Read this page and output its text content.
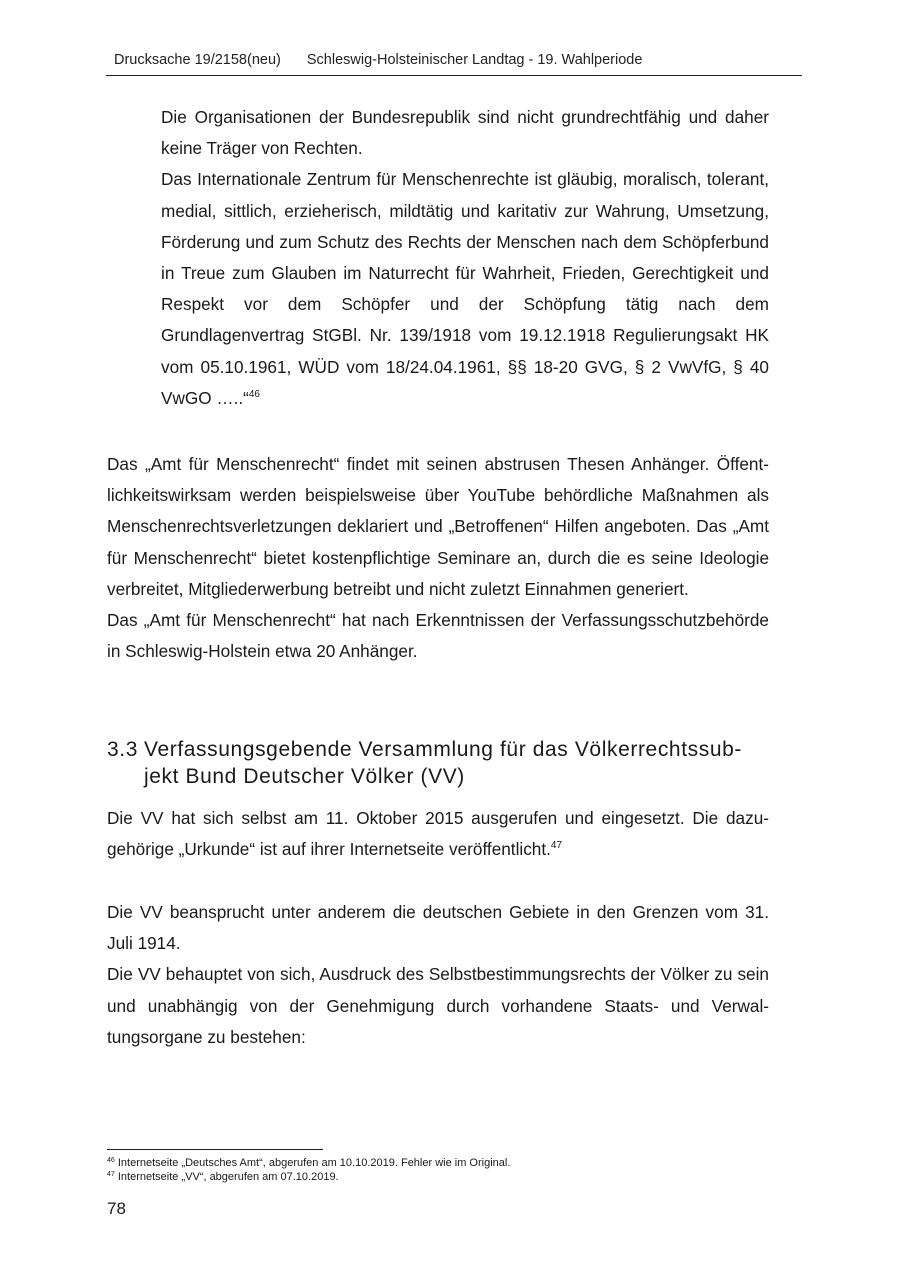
Drucksache 19/2158(neu) Schleswig-Holsteinischer Landtag - 19. Wahlperiode

Die Organisationen der Bundesrepublik sind nicht grundrechtfähig und daher keine Träger von Rechten.

Das Internationale Zentrum für Menschenrechte ist gläubig, moralisch, tolerant, medial, sittlich, erzieherisch, mildtätig und karitativ zur Wahrung, Umsetzung, Förderung und zum Schutz des Rechts der Menschen nach dem Schöpferbund in Treue zum Glauben im Naturrecht für Wahrheit, Frieden, Gerechtigkeit und Respekt vor dem Schöpfer und der Schöpfung tätig nach dem Grundlagenvertrag StGBl. Nr. 139/1918 vom 19.12.1918 Regulierungsakt HK vom 05.10.1961, WÜD vom 18/24.04.1961, §§ 18-20 GVG, § 2 VwVfG, § 40 VwGO …..“$^{46}$

Das „Amt für Menschenrecht“ findet mit seinen abstrusen Thesen Anhänger. Öffentlichkeitswirksam werden beispielsweise über YouTube behördliche Maßnahmen als Menschenrechtsverletzungen deklariert und „Betroffenen“ Hilfen angeboten. Das „Amt für Menschenrecht“ bietet kostenpflichtige Seminare an, durch die es seine Ideologie verbreitet, Mitgliederwerbung betreibt und nicht zuletzt Einnahmen generiert.

Das „Amt für Menschenrecht“ hat nach Erkenntnissen der Verfassungsschutzbehörde in Schleswig-Holstein etwa 20 Anhänger.

3.3 Verfassungsgebende Versammlung für das Völkerrechtssub-
jekt Bund Deutscher Völker (VV)

Die VV hat sich selbst am 11. Oktober 2015 ausgerufen und eingesetzt. Die dazugehörige „Urkunde“ ist auf ihrer Internetseite veröffentlicht.$^{47}$

Die VV beansprucht unter anderem die deutschen Gebiete in den Grenzen vom 31. Juli 1914.

Die VV behauptet von sich, Ausdruck des Selbstbestimmungsrechts der Völker zu sein und unabhängig von der Genehmigung durch vorhandene Staats- und Verwaltungsorgane zu bestehen:

$^{46}$ Internetseite „Deutsches Amt“, abgerufen am 10.10.2019. Fehler wie im Original.
$^{47}$ Internetseite „VV“, abgerufen am 07.10.2019.
78
